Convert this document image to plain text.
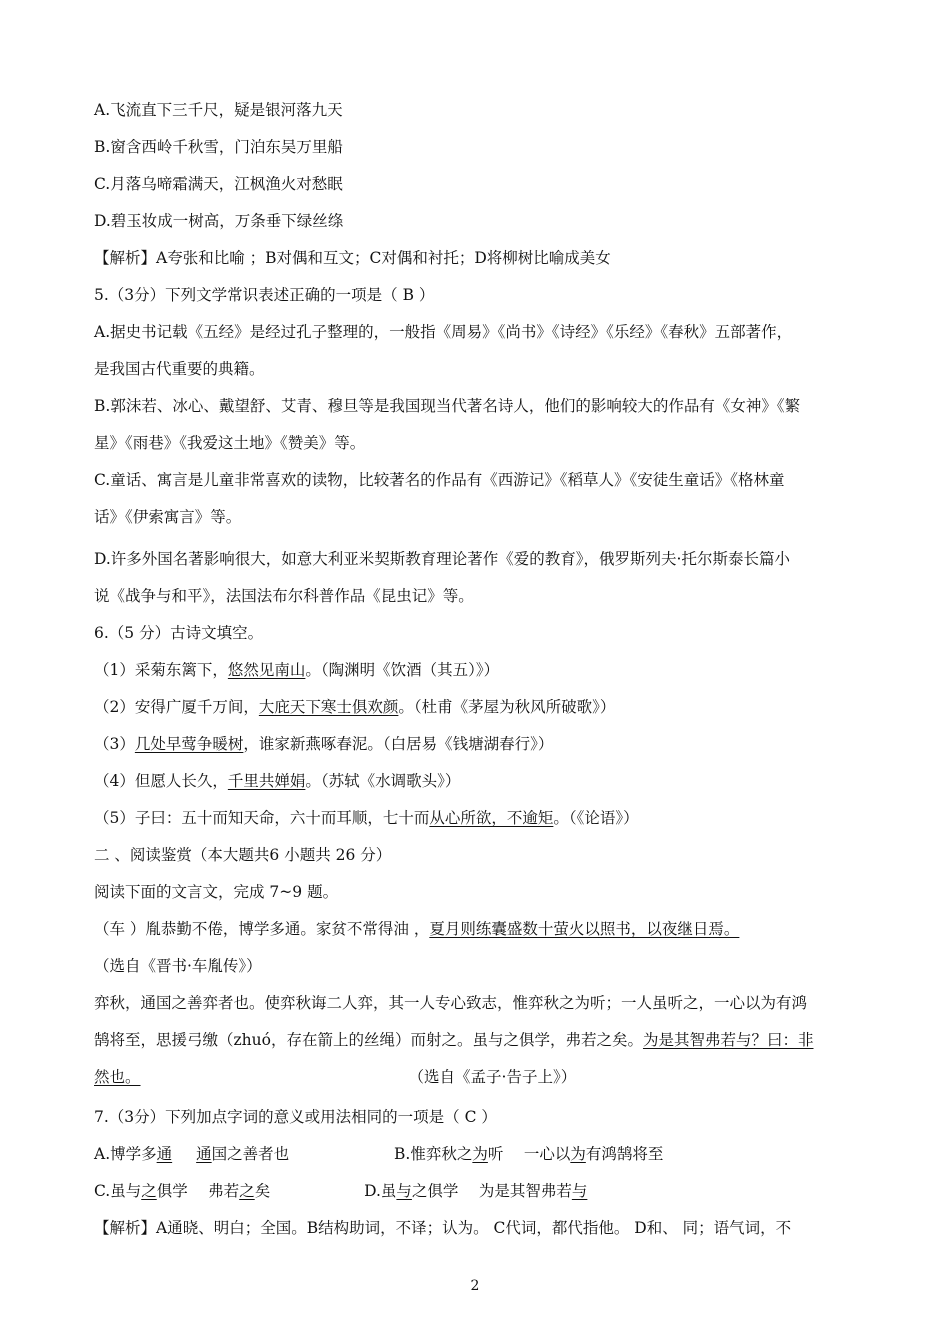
A.飞流直下三千尺，疑是银河落九天
B.窗含西岭千秋雪，门泊东吴万里船
C.月落乌啼霜满天，江枫渔火对愁眠
D.碧玉妆成一树高，万条垂下绿丝绦
【解析】A夸张和比喻 ；B对偶和互文；C对偶和衬托；D将柳树比喻成美女
5.（3分）下列文学常识表述正确的一项是（ B ）
A.据史书记载《五经》是经过孔子整理的，一般指《周易》《尚书》《诗经》《乐经》《春秋》五部著作，
是我国古代重要的典籍。
B.郭沫若、冰心、戴望舒、艾青、穆旦等是我国现当代著名诗人，他们的影响较大的作品有《女神》《繁
星》《雨巷》《我爱这土地》《赞美》等。
C.童话、寓言是儿童非常喜欢的读物，比较著名的作品有《西游记》《稻草人》《安徒生童话》《格林童
话》《伊索寓言》等。
D.许多外国名著影响很大，如意大利亚米契斯教育理论著作《爱的教育》，俄罗斯列夫·托尔斯泰长篇小
说《战争与和平》，法国法布尔科普作品《昆虫记》等。
6.（5 分）古诗文填空。
（1）采菊东篱下，悠然见南山。（陶渊明《饮酒（其五）》）
（2）安得广厦千万间，大庇天下寒士俱欢颜。（杜甫《茅屋为秋风所破歌》）
（3）几处早莺争暖树，谁家新燕啄春泥。（白居易《钱塘湖春行》）
（4）但愿人长久，千里共婵娟。（苏轼《水调歌头》）
（5）子曰：五十而知天命，六十而耳顺，七十而从心所欲，不逾矩。（《论语》）
二 、阅读鉴赏（本大题共6 小题共 26 分）
阅读下面的文言文，完成 7~9 题。
（车 ）胤恭勤不倦，博学多通。家贫不常得油 ，夏月则练囊盛数十萤火以照书，以夜继日焉。
（选自《晋书·车胤传》）
弈秋，通国之善弈者也。使弈秋诲二人弈，其一人专心致志，惟弈秋之为听；一人虽听之，一心以为有鸿
鹄将至，思援弓缴（zhuó，存在箭上的丝绳）而射之。虽与之俱学，弗若之矣。为是其智弗若与？曰：非
然也。	（选自《孟子·告子上》）
7.（3分）下列加点字词的意义或用法相同的一项是（ C ）
A.博学多通 通国之善者也	B.惟弈秋之为听　 一心以为有鸿鹄将至
C.虽与之俱学　 弗若之矣	D.虽与之俱学　 为是其智弗若与
【解析】A通晓、明白；全国。B结构助词，不译；认为。 C代词，都代指他。 D和、 同；语气词，不
2
